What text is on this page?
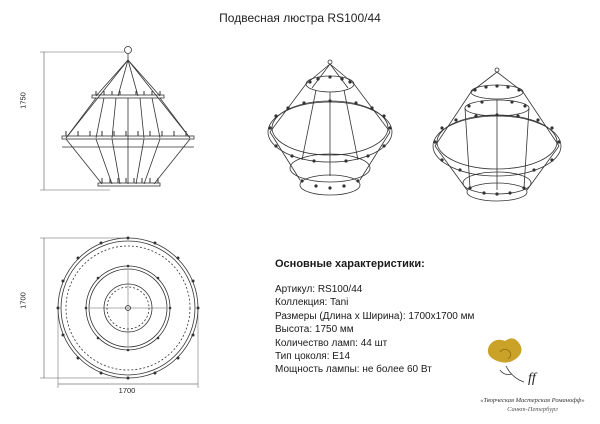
Подвесная люстра RS100/44
ff
1750
1700
1700
Основные характеристики:
Артикул: RS100/44
Коллекция: Tani
Размеры (Длина х Ширина): 1700х1700 мм
Высота: 1750 мм
Количество ламп: 44 шт
Тип цоколя: E14
Мощность лампы: не более 60 Вт
«Творческая Мастерская Романофф»
Санкт-Петербург
